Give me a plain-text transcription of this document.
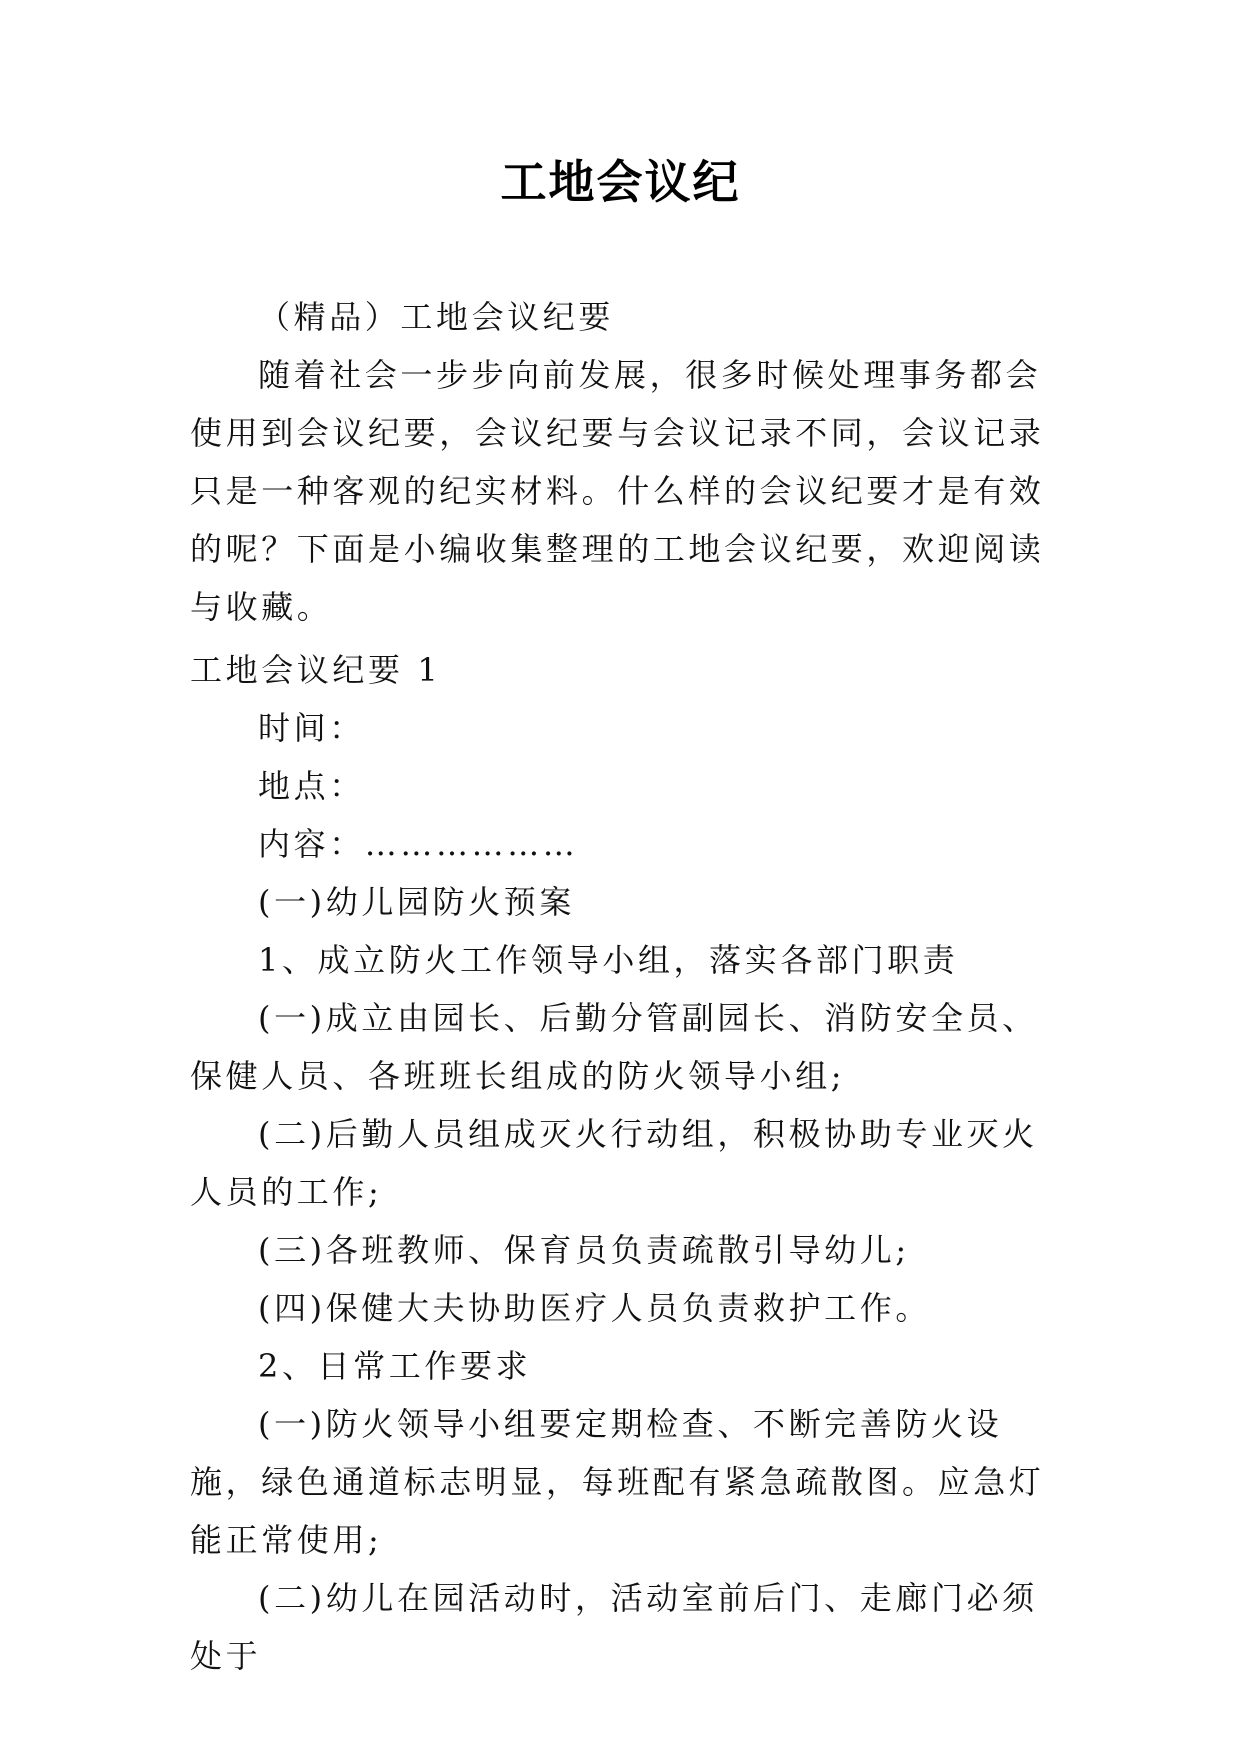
工地会议纪

（精品）工地会议纪要

随着社会一步步向前发展，很多时候处理事务都会使用到会议纪要，会议纪要与会议记录不同，会议记录只是一种客观的纪实材料。什么样的会议纪要才是有效的呢？下面是小编收集整理的工地会议纪要，欢迎阅读与收藏。

工地会议纪要 1

时间：

地点：

内容：………………

(一)幼儿园防火预案

1、成立防火工作领导小组，落实各部门职责

(一)成立由园长、后勤分管副园长、消防安全员、保健人员、各班班长组成的防火领导小组;

(二)后勤人员组成灭火行动组，积极协助专业灭火人员的工作;

(三)各班教师、保育员负责疏散引导幼儿;

(四)保健大夫协助医疗人员负责救护工作。

2、日常工作要求

(一)防火领导小组要定期检查、不断完善防火设施，绿色通道标志明显，每班配有紧急疏散图。应急灯能正常使用;

(二)幼儿在园活动时，活动室前后门、走廊门必须处于
